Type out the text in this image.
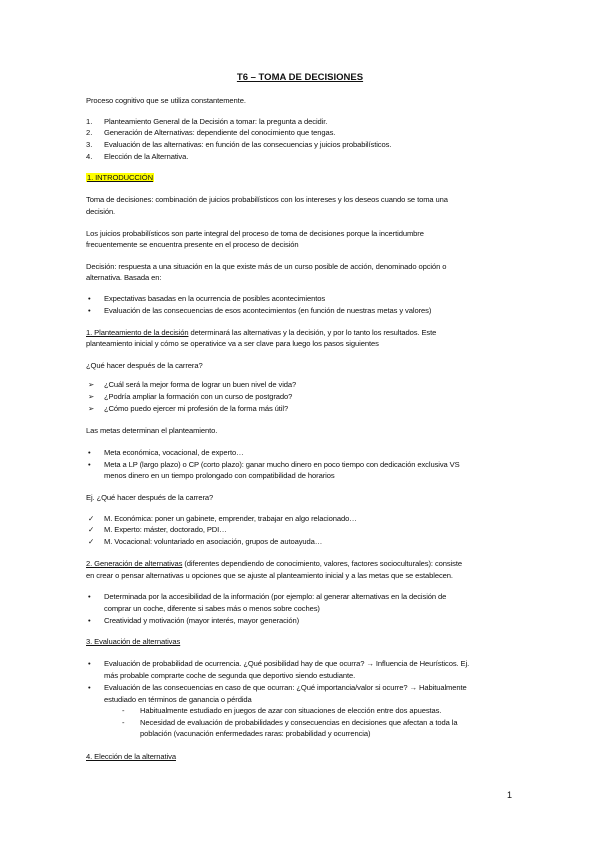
T6 – TOMA DE DECISIONES
Proceso cognitivo que se utiliza constantemente.
1. Planteamiento General de la Decisión a tomar: la pregunta a decidir.
2. Generación de Alternativas: dependiente del conocimiento que tengas.
3. Evaluación de las alternativas: en función de las consecuencias y juicios probabilísticos.
4. Elección de la Alternativa.
1. INTRODUCCIÓN
Toma de decisiones: combinación de juicios probabilísticos con los intereses y los deseos cuando se toma una
decisión.
Los juicios probabilísticos son parte integral del proceso de toma de decisiones porque la incertidumbre
frecuentemente se encuentra presente en el proceso de decisión
Decisión: respuesta a una situación en la que existe más de un curso posible de acción, denominado opción o
alternativa. Basada en:
• Expectativas basadas en la ocurrencia de posibles acontecimientos
• Evaluación de las consecuencias de esos acontecimientos (en función de nuestras metas y valores)
1. Planteamiento de la decisión determinará las alternativas y la decisión, y por lo tanto los resultados. Este
planteamiento inicial y cómo se operativice va a ser clave para luego los pasos siguientes
¿Qué hacer después de la carrera?
➢ ¿Cuál será la mejor forma de lograr un buen nivel de vida?
➢ ¿Podría ampliar la formación con un curso de postgrado?
➢ ¿Cómo puedo ejercer mi profesión de la forma más útil?
Las metas determinan el planteamiento.
• Meta económica, vocacional, de experto…
• Meta a LP (largo plazo) o CP (corto plazo): ganar mucho dinero en poco tiempo con dedicación exclusiva VS
menos dinero en un tiempo prolongado con compatibilidad de horarios
Ej. ¿Qué hacer después de la carrera?
✓ M. Económica: poner un gabinete, emprender, trabajar en algo relacionado…
✓ M. Experto: máster, doctorado, PDI…
✓ M. Vocacional: voluntariado en asociación, grupos de autoayuda…
2. Generación de alternativas (diferentes dependiendo de conocimiento, valores, factores socioculturales): consiste
en crear o pensar alternativas u opciones que se ajuste al planteamiento inicial y a las metas que se establecen.
• Determinada por la accesibilidad de la información (por ejemplo: al generar alternativas en la decisión de
comprar un coche, diferente si sabes más o menos sobre coches)
• Creatividad y motivación (mayor interés, mayor generación)
3. Evaluación de alternativas
• Evaluación de probabilidad de ocurrencia. ¿Qué posibilidad hay de que ocurra? → Influencia de Heurísticos. Ej.
más probable comprarte coche de segunda que deportivo siendo estudiante.
• Evaluación de las consecuencias en caso de que ocurran: ¿Qué importancia/valor si ocurre? → Habitualmente
estudiado en términos de ganancia o pérdida
- Habitualmente estudiado en juegos de azar con situaciones de elección entre dos apuestas.
- Necesidad de evaluación de probabilidades y consecuencias en decisiones que afectan a toda la
población (vacunación enfermedades raras: probabilidad y ocurrencia)
4. Elección de la alternativa
1
